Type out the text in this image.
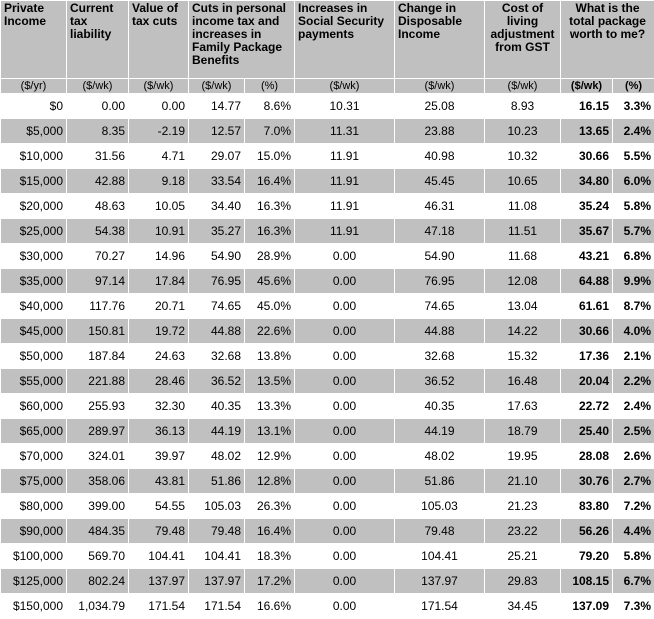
Private Income	Current tax liability	Value of tax cuts	Cuts in personal income tax and increases in Family Package Benefits		Increases in Social Security payments	Change in Disposable Income	Cost of living adjustment from GST	What is the total package worth to me?	
($/yr)	($/wk)	($/wk)	($/wk)	(%)	($/wk)	($/wk)	($/wk)	($/wk)	(%)
$0	0.00	0.00	14.77	8.6%	10.31	25.08	8.93	16.15	3.3%
$5,000	8.35	-2.19	12.57	7.0%	11.31	23.88	10.23	13.65	2.4%
$10,000	31.56	4.71	29.07	15.0%	11.91	40.98	10.32	30.66	5.5%
$15,000	42.88	9.18	33.54	16.4%	11.91	45.45	10.65	34.80	6.0%
$20,000	48.63	10.05	34.40	16.3%	11.91	46.31	11.08	35.24	5.8%
$25,000	54.38	10.91	35.27	16.3%	11.91	47.18	11.51	35.67	5.7%
$30,000	70.27	14.96	54.90	28.9%	0.00	54.90	11.68	43.21	6.8%
$35,000	97.14	17.84	76.95	45.6%	0.00	76.95	12.08	64.88	9.9%
$40,000	117.76	20.71	74.65	45.0%	0.00	74.65	13.04	61.61	8.7%
$45,000	150.81	19.72	44.88	22.6%	0.00	44.88	14.22	30.66	4.0%
$50,000	187.84	24.63	32.68	13.8%	0.00	32.68	15.32	17.36	2.1%
$55,000	221.88	28.46	36.52	13.5%	0.00	36.52	16.48	20.04	2.2%
$60,000	255.93	32.30	40.35	13.3%	0.00	40.35	17.63	22.72	2.4%
$65,000	289.97	36.13	44.19	13.1%	0.00	44.19	18.79	25.40	2.5%
$70,000	324.01	39.97	48.02	12.9%	0.00	48.02	19.95	28.08	2.6%
$75,000	358.06	43.81	51.86	12.8%	0.00	51.86	21.10	30.76	2.7%
$80,000	399.00	54.55	105.03	26.3%	0.00	105.03	21.23	83.80	7.2%
$90,000	484.35	79.48	79.48	16.4%	0.00	79.48	23.22	56.26	4.4%
$100,000	569.70	104.41	104.41	18.3%	0.00	104.41	25.21	79.20	5.8%
$125,000	802.24	137.97	137.97	17.2%	0.00	137.97	29.83	108.15	6.7%
$150,000	1,034.79	171.54	171.54	16.6%	0.00	171.54	34.45	137.09	7.3%
